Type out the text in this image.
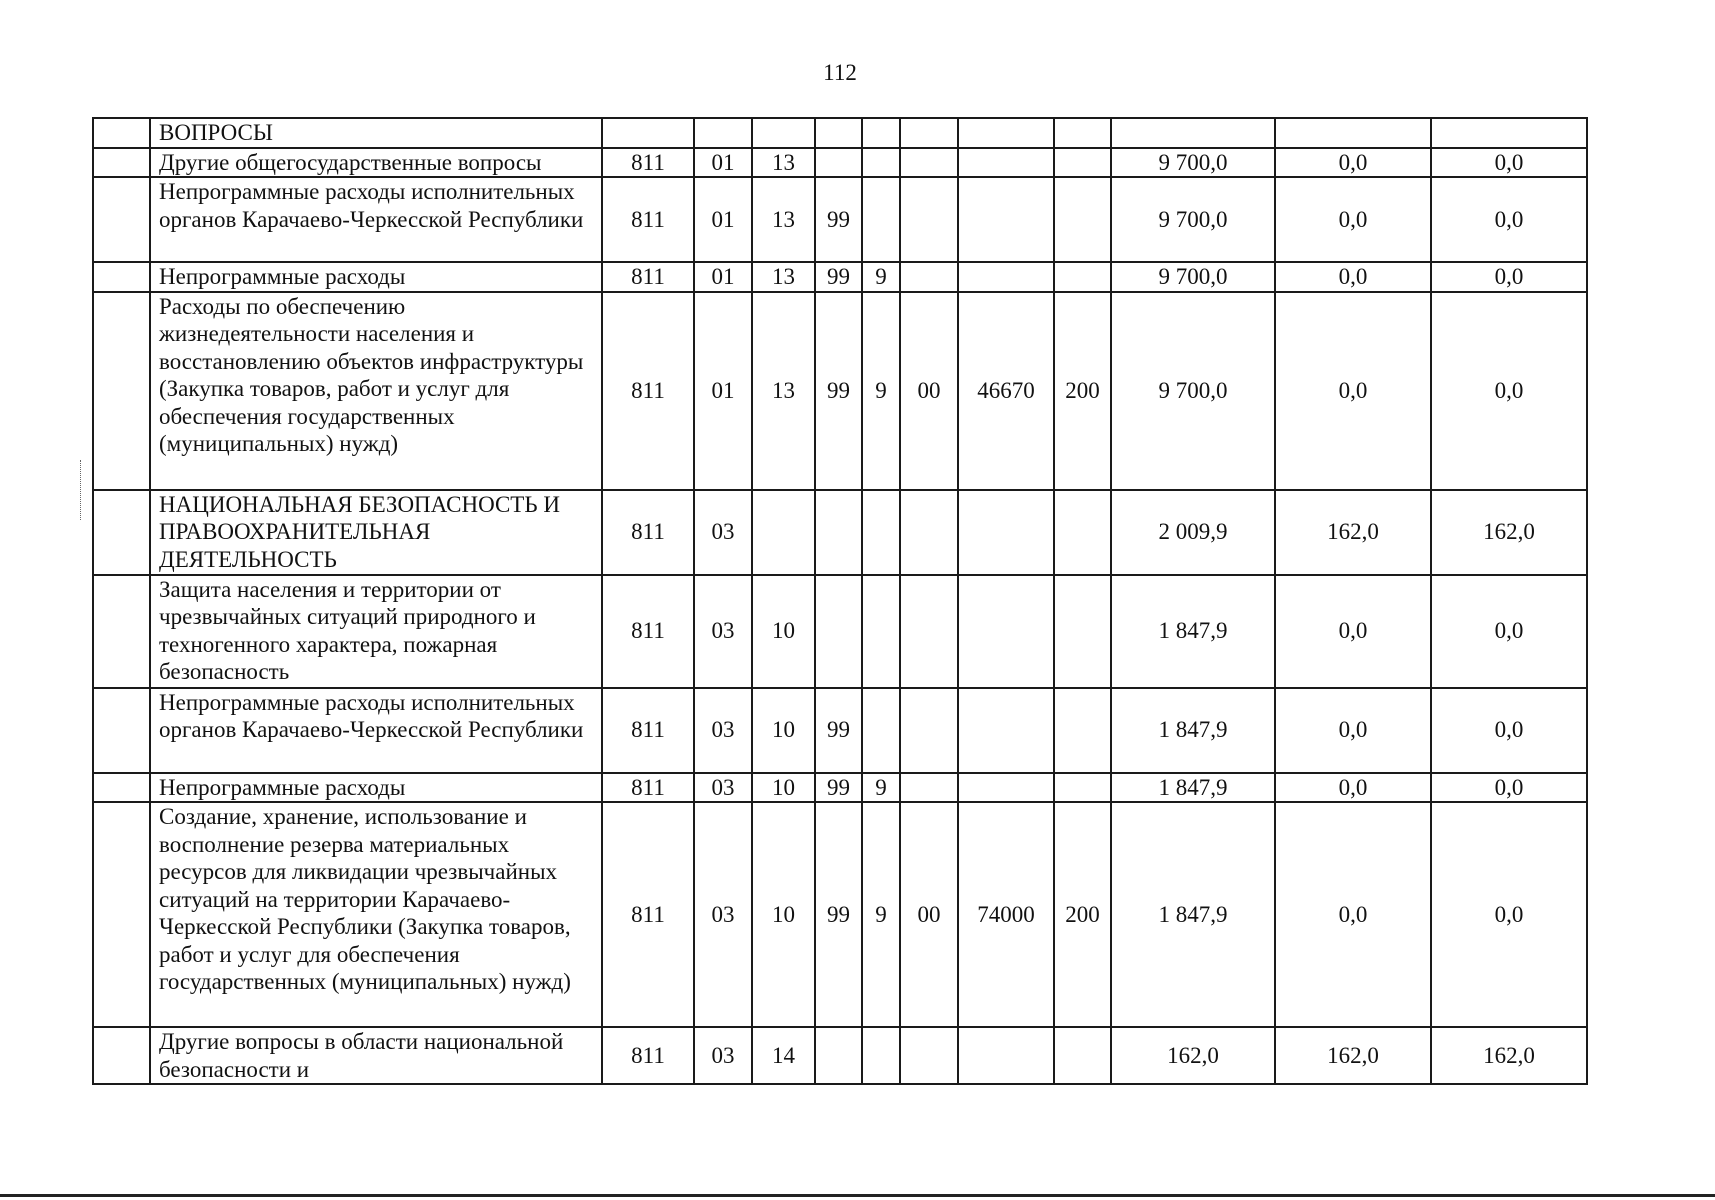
112
	ВОПРОСЫ											
	Другие общегосударственные вопросы	811	01	13						9 700,0	0,0	0,0
	Непрограммные расходы исполнительных органов Карачаево-Черкесской Республики	811	01	13	99					9 700,0	0,0	0,0
	Непрограммные расходы	811	01	13	99	9				9 700,0	0,0	0,0
	Расходы по обеспечению жизнедеятельности населения и восстановлению объектов инфраструктуры (Закупка товаров, работ и услуг для обеспечения государственных (муниципальных) нужд)	811	01	13	99	9	00	46670	200	9 700,0	0,0	0,0
	НАЦИОНАЛЬНАЯ БЕЗОПАСНОСТЬ И ПРАВООХРАНИТЕЛЬНАЯ ДЕЯТЕЛЬНОСТЬ	811	03							2 009,9	162,0	162,0
	Защита населения и территории от чрезвычайных ситуаций природного и техногенного характера, пожарная безопасность	811	03	10						1 847,9	0,0	0,0
	Непрограммные расходы исполнительных органов Карачаево-Черкесской Республики	811	03	10	99					1 847,9	0,0	0,0
	Непрограммные расходы	811	03	10	99	9				1 847,9	0,0	0,0
	Создание, хранение, использование и восполнение резерва материальных ресурсов для ликвидации чрезвычайных ситуаций на территории Карачаево-Черкесской Республики (Закупка товаров, работ и услуг для обеспечения государственных (муниципальных) нужд)	811	03	10	99	9	00	74000	200	1 847,9	0,0	0,0
	Другие вопросы в области национальной безопасности и	811	03	14						162,0	162,0	162,0
